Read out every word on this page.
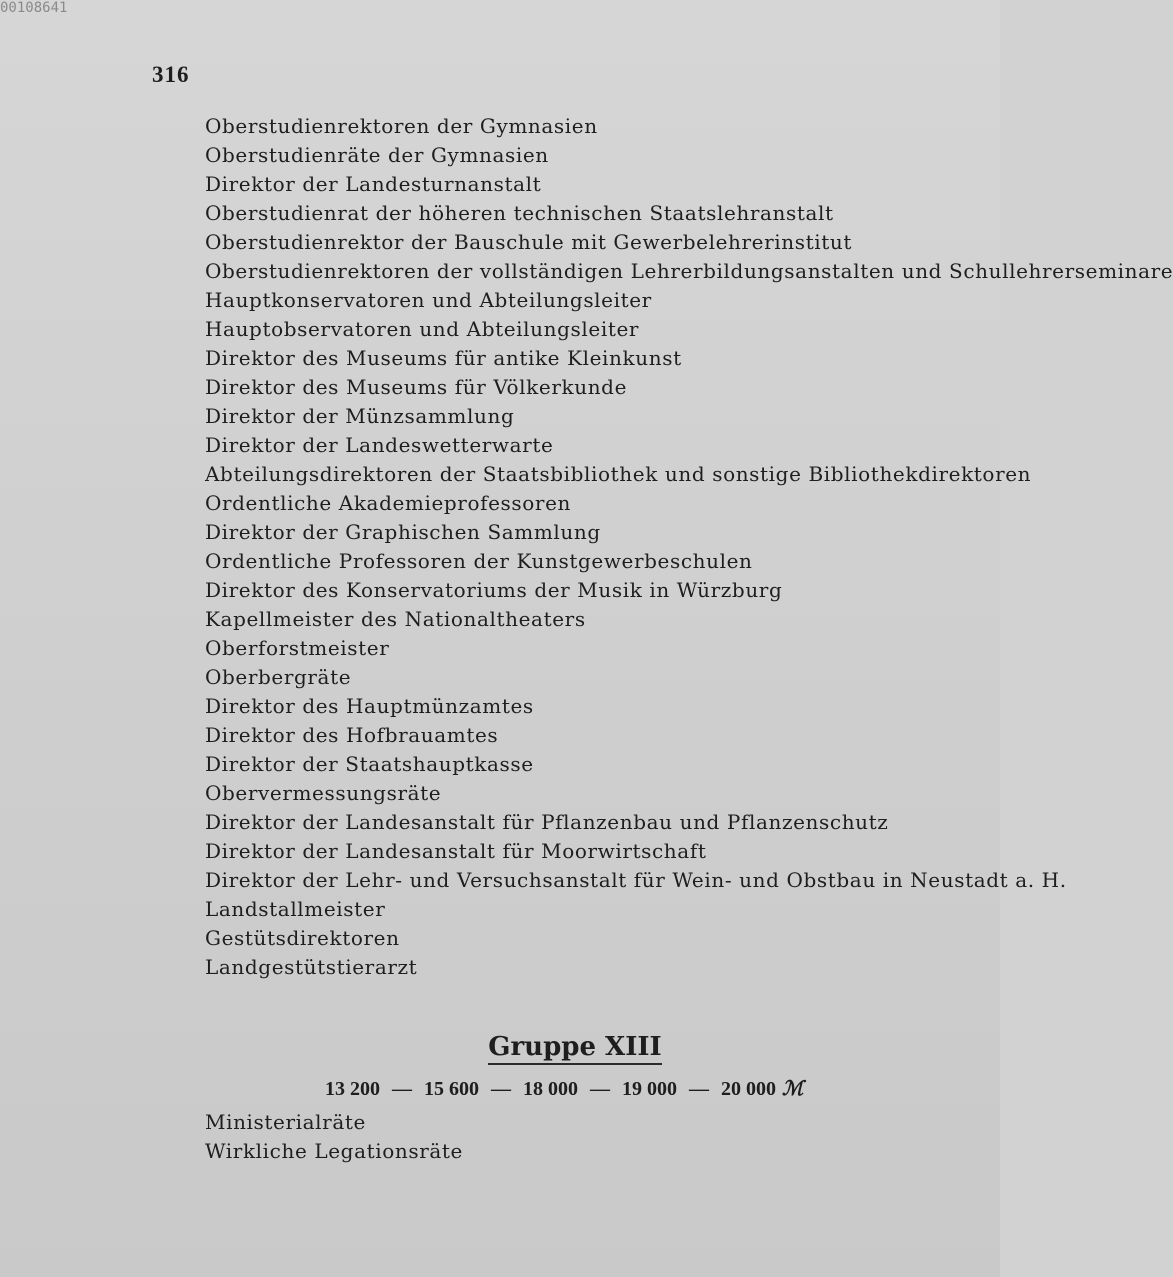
00108641
316
Oberstudienrektoren der Gymnasien
Oberstudienräte der Gymnasien
Direktor der Landesturnanstalt
Oberstudienrat der höheren technischen Staatslehranstalt
Oberstudienrektor der Bauschule mit Gewerbelehrerinstitut
Oberstudienrektoren der vollständigen Lehrerbildungsanstalten und Schullehrerseminare
Hauptkonservatoren und Abteilungsleiter
Hauptobservatoren und Abteilungsleiter
Direktor des Museums für antike Kleinkunst
Direktor des Museums für Völkerkunde
Direktor der Münzsammlung
Direktor der Landeswetterwarte
Abteilungsdirektoren der Staatsbibliothek und sonstige Bibliothekdirektoren
Ordentliche Akademieprofessoren
Direktor der Graphischen Sammlung
Ordentliche Professoren der Kunstgewerbeschulen
Direktor des Konservatoriums der Musik in Würzburg
Kapellmeister des Nationaltheaters
Oberforstmeister
Oberbergräte
Direktor des Hauptmünzamtes
Direktor des Hofbrauamtes
Direktor der Staatshauptkasse
Obervermessungsräte
Direktor der Landesanstalt für Pflanzenbau und Pflanzenschutz
Direktor der Landesanstalt für Moorwirtschaft
Direktor der Lehr- und Versuchsanstalt für Wein- und Obstbau in Neustadt a. H.
Landstallmeister
Gestütsdirektoren
Landgestütstierarzt
Gruppe XIII
13 200 — 15 600 — 18 000 — 19 000 — 20 000 ℳ
Ministerialräte
Wirkliche Legationsräte
